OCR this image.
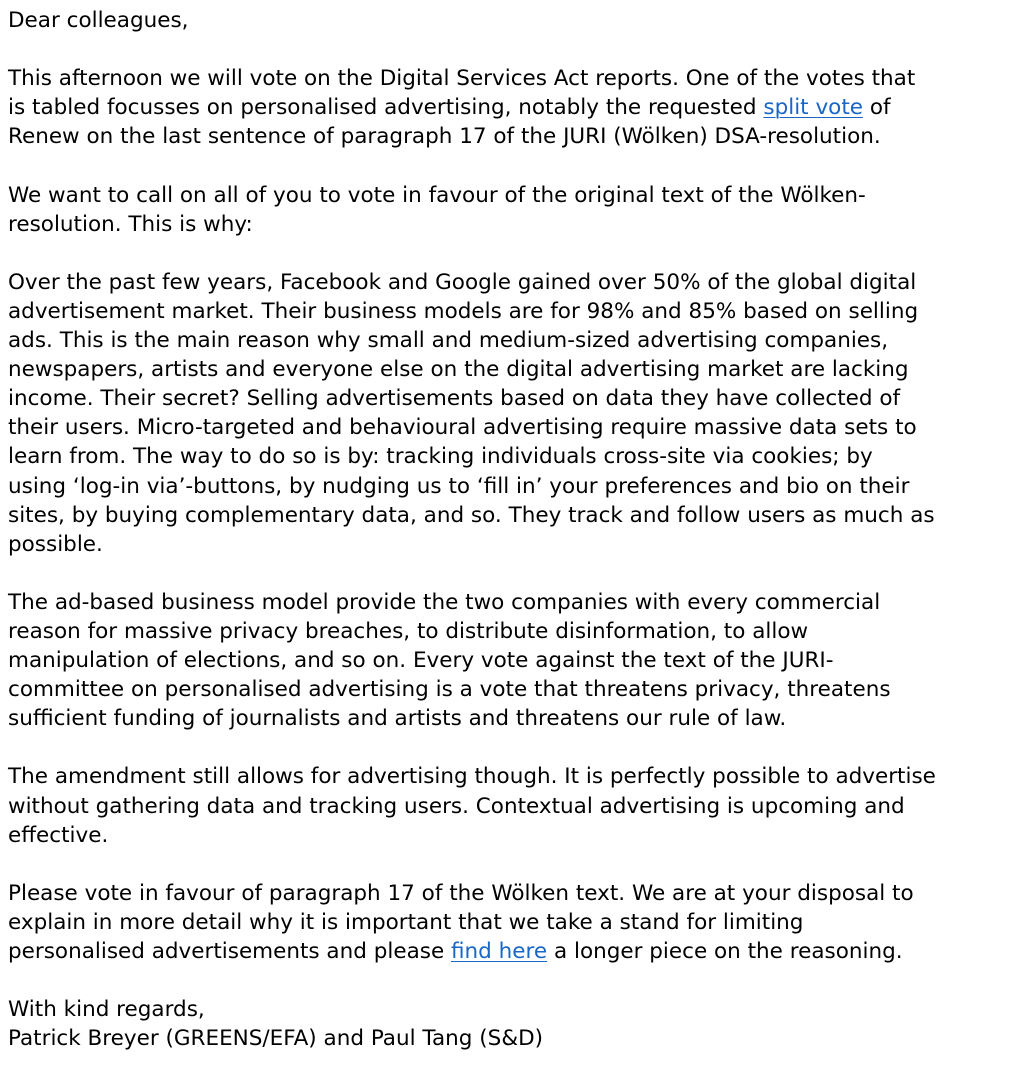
Dear colleagues,

This afternoon we will vote on the Digital Services Act reports. One of the votes that
is tabled focusses on personalised advertising, notably the requested split vote of
Renew on the last sentence of paragraph 17 of the JURI (Wölken) DSA-resolution.

We want to call on all of you to vote in favour of the original text of the Wölken-
resolution. This is why:

Over the past few years, Facebook and Google gained over 50% of the global digital
advertisement market. Their business models are for 98% and 85% based on selling
ads. This is the main reason why small and medium-sized advertising companies,
newspapers, artists and everyone else on the digital advertising market are lacking
income. Their secret? Selling advertisements based on data they have collected of
their users. Micro-targeted and behavioural advertising require massive data sets to
learn from. The way to do so is by: tracking individuals cross-site via cookies; by
using ‘log-in via’-buttons, by nudging us to ‘fill in’ your preferences and bio on their
sites, by buying complementary data, and so. They track and follow users as much as
possible.

The ad-based business model provide the two companies with every commercial
reason for massive privacy breaches, to distribute disinformation, to allow
manipulation of elections, and so on. Every vote against the text of the JURI-
committee on personalised advertising is a vote that threatens privacy, threatens
sufficient funding of journalists and artists and threatens our rule of law.

The amendment still allows for advertising though. It is perfectly possible to advertise
without gathering data and tracking users. Contextual advertising is upcoming and
effective.

Please vote in favour of paragraph 17 of the Wölken text. We are at your disposal to
explain in more detail why it is important that we take a stand for limiting
personalised advertisements and please find here a longer piece on the reasoning.

With kind regards,
Patrick Breyer (GREENS/EFA) and Paul Tang (S&D)
